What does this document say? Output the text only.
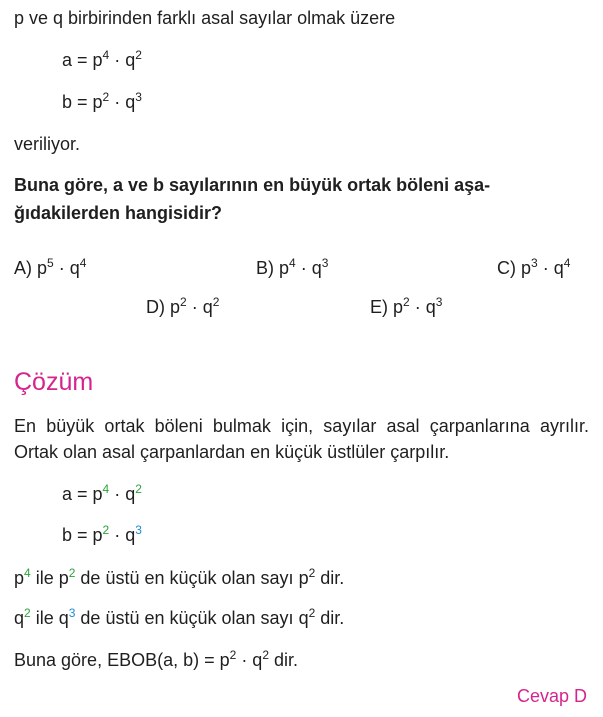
p ve q birbirinden farklı asal sayılar olmak üzere
$a = p^4 \cdot q^2$
$b = p^2 \cdot q^3$
veriliyor.
Buna göre, a ve b sayılarının en büyük ortak böleni aşa-
ğıdakilerden hangisidir?
A) $p^5 \cdot q^4$	B) $p^4 \cdot q^3$	C) $p^3 \cdot q^4$
D) $p^2 \cdot q^2$	E) $p^2 \cdot q^3$
Çözüm
En büyük ortak böleni bulmak için, sayılar asal çarpanlarına ayrılır. Ortak olan asal çarpanlardan en küçük üstlüler çarpılır.
$a = p^4 \cdot q^2$
$b = p^2 \cdot q^3$
$p^4$ ile $p^2$ de üstü en küçük olan sayı $p^2$ dir.
$q^2$ ile $q^3$ de üstü en küçük olan sayı $q^2$ dir.
Buna göre, EBOB(a, $b) = p^2 \cdot q^2$ dir.
Cevap D
